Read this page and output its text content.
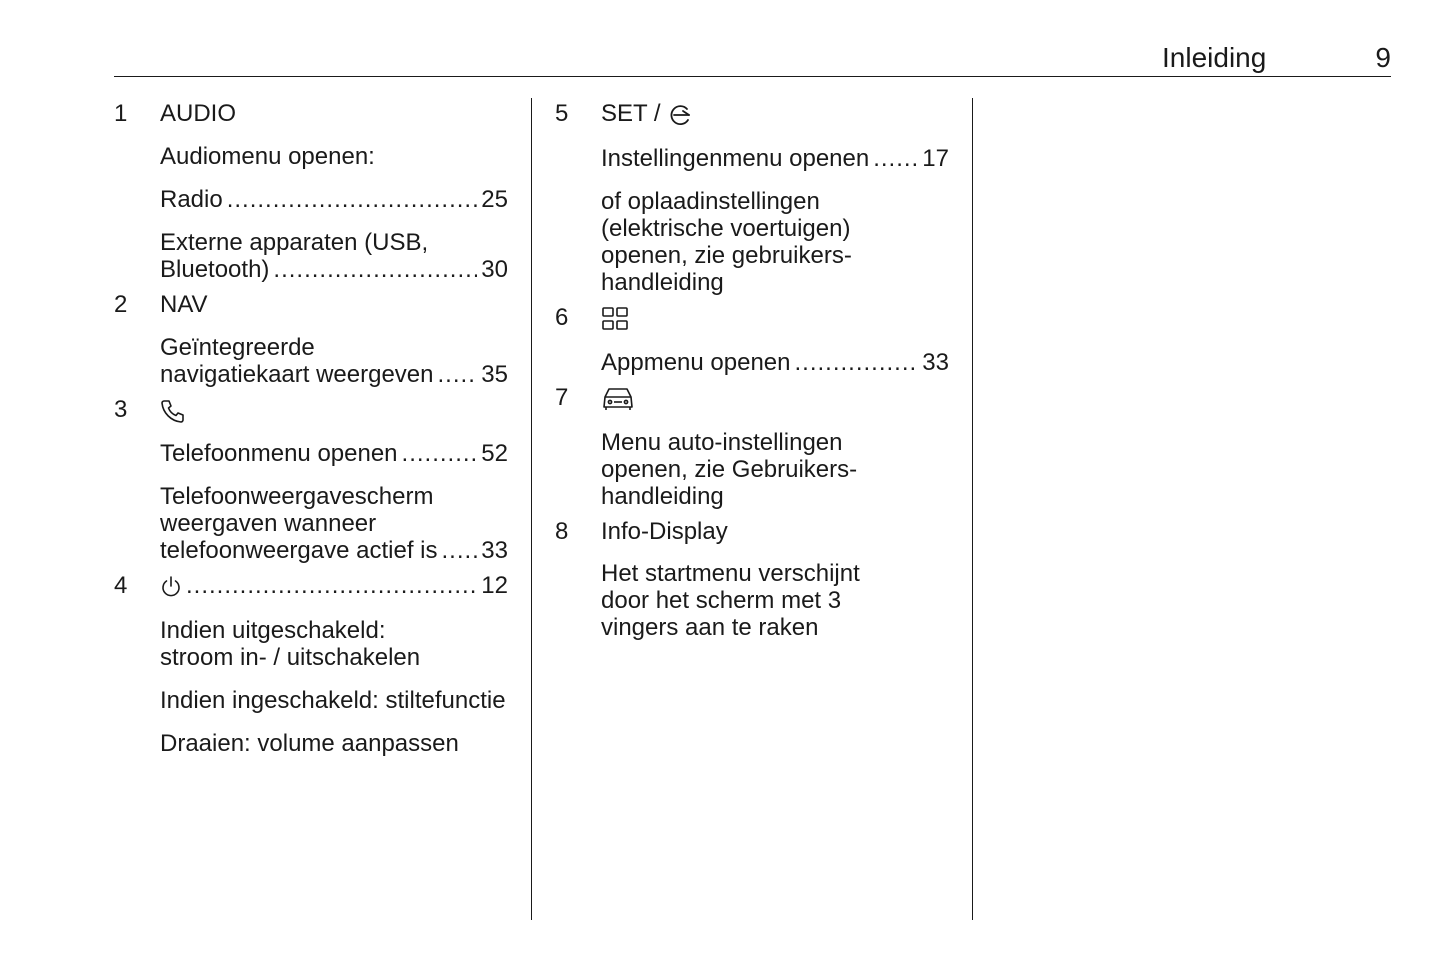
Inleiding	9
1 AUDIO
Audiomenu openen:
Radio .....	25
Externe apparaten (USB,
Bluetooth) .....	30
2 NAV
Geïntegreerde
navigatiekaart weergeven ..... 35
3
Telefoonmenu openen .....	52
Telefoonweergavescherm
weergaven wanneer
telefoonweergave actief is ..... 33
4 .....	12
Indien uitgeschakeld:
stroom in- / uitschakelen
Indien ingeschakeld: stiltefunctie
Draaien: volume aanpassen
5 SET /
Instellingenmenu openen ..... 17
of oplaadinstellingen
(elektrische voertuigen)
openen, zie gebruikers-
handleiding
6
Appmenu openen .....	33
7
Menu auto-instellingen
openen, zie Gebruikers-
handleiding
8 Info-Display
Het startmenu verschijnt
door het scherm met 3
vingers aan te raken
